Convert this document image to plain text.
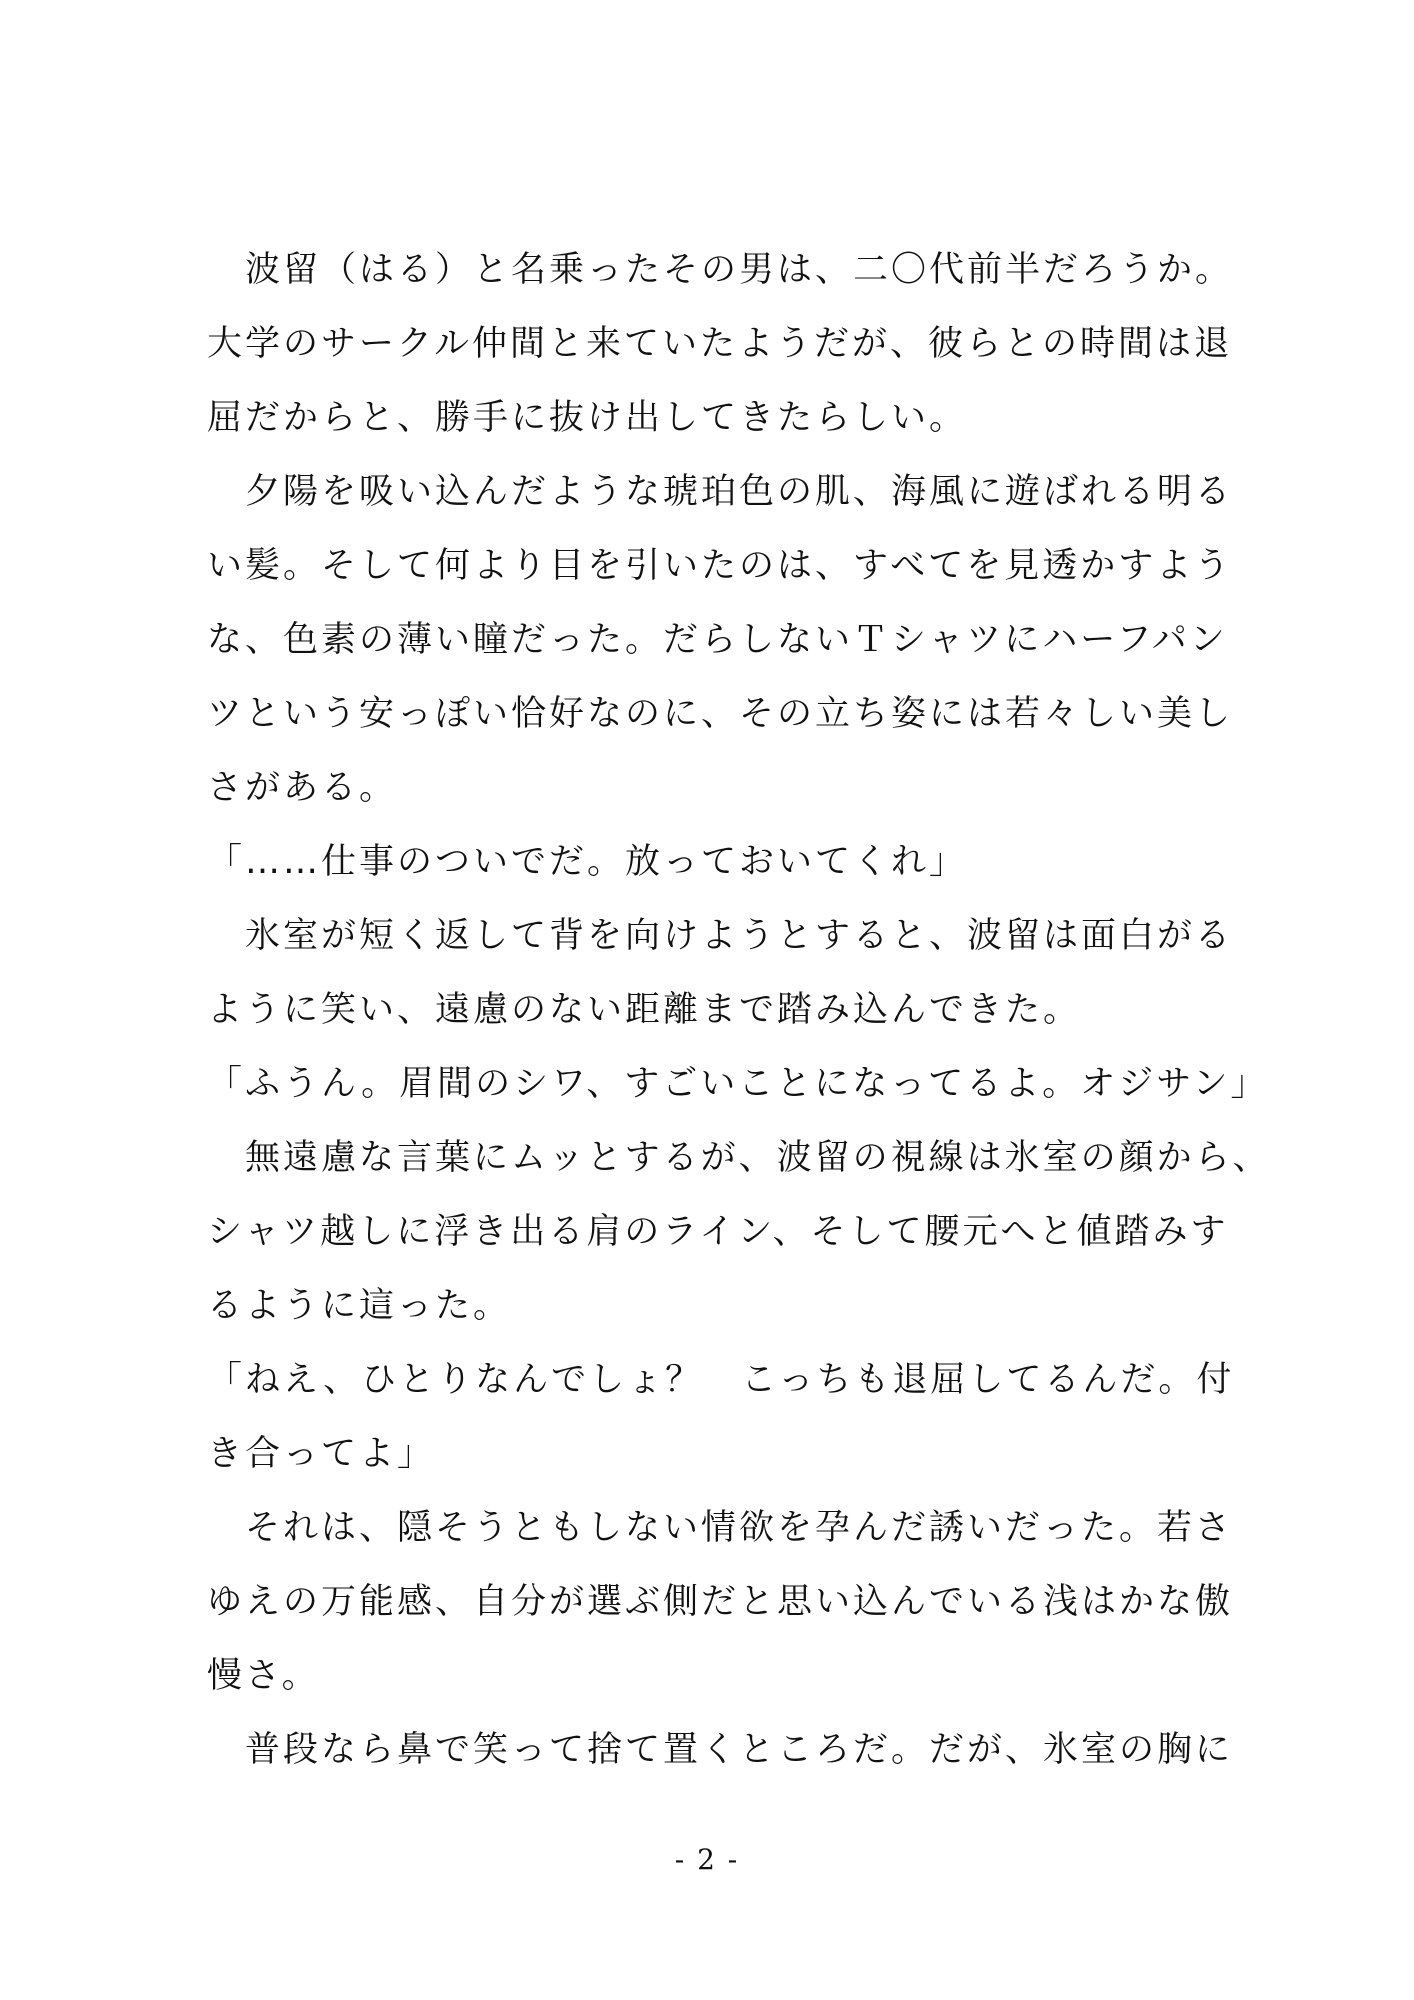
　波留（はる）と名乗ったその男は、二〇代前半だろうか。
大学のサークル仲間と来ていたようだが、彼らとの時間は退
屈だからと、勝手に抜け出してきたらしい。
　夕陽を吸い込んだような琥珀色の肌、海風に遊ばれる明る
い髪。そして何より目を引いたのは、すべてを見透かすよう
な、色素の薄い瞳だった。だらしないＴシャツにハーフパン
ツという安っぽい恰好なのに、その立ち姿には若々しい美し
さがある。
「……仕事のついでだ。放っておいてくれ」
　氷室が短く返して背を向けようとすると、波留は面白がる
ように笑い、遠慮のない距離まで踏み込んできた。
「ふうん。眉間のシワ、すごいことになってるよ。オジサン」
　無遠慮な言葉にムッとするが、波留の視線は氷室の顔から、
シャツ越しに浮き出る肩のライン、そして腰元へと値踏みす
るように這った。
「ねえ、ひとりなんでしょ？　こっちも退屈してるんだ。付
き合ってよ」
　それは、隠そうともしない情欲を孕んだ誘いだった。若さ
ゆえの万能感、自分が選ぶ側だと思い込んでいる浅はかな傲
慢さ。
　普段なら鼻で笑って捨て置くところだ。だが、氷室の胸に
- 2 -
